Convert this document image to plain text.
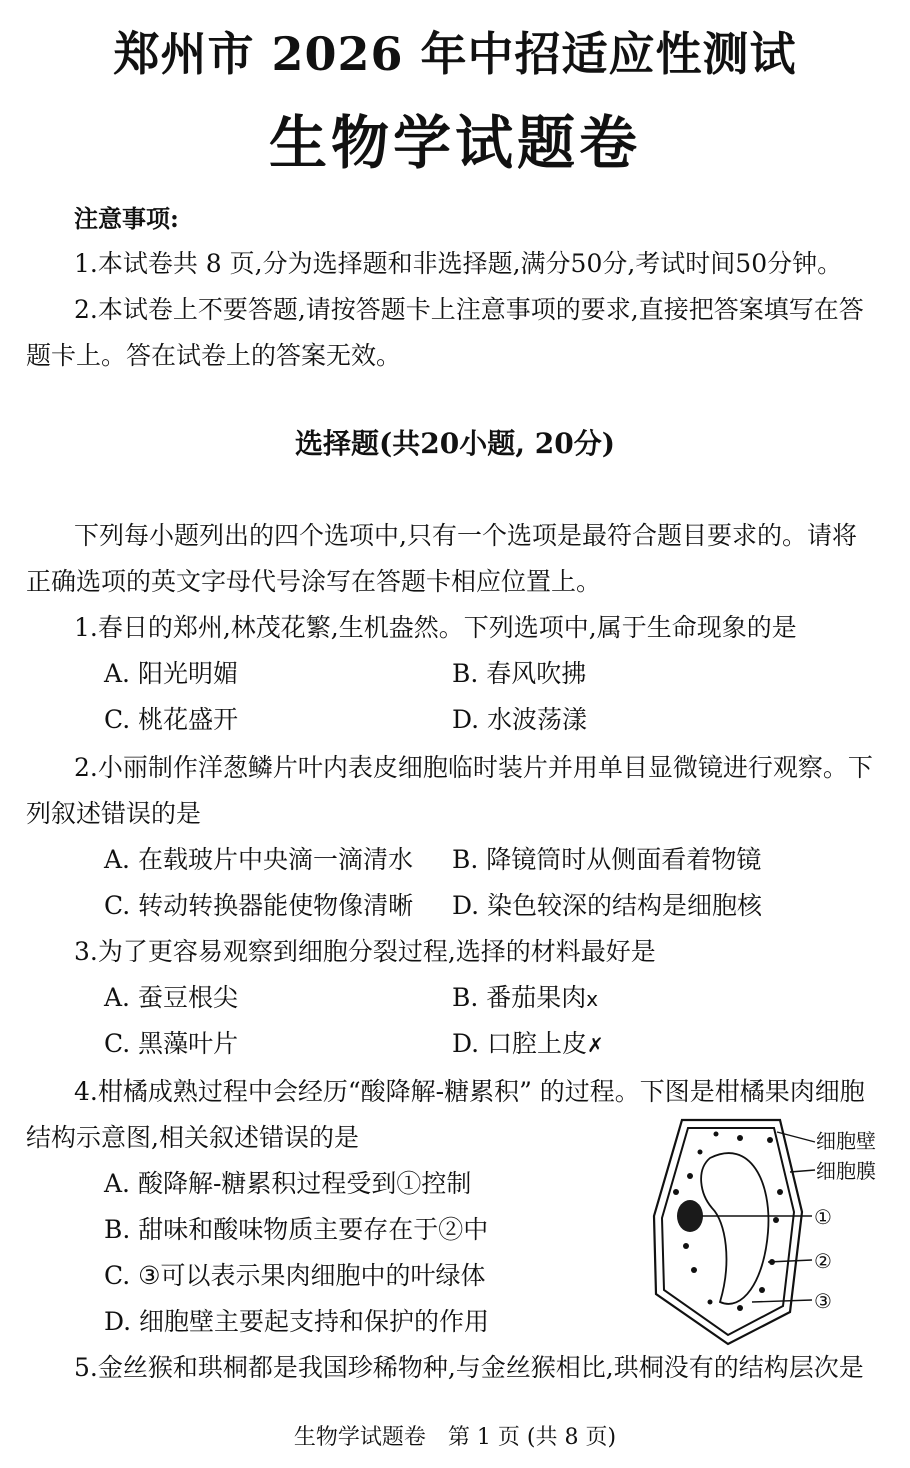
郑州市 2026 年中招适应性测试
生物学试题卷
注意事项:
1.本试卷共 8 页,分为选择题和非选择题,满分50分,考试时间50分钟。
2.本试卷上不要答题,请按答题卡上注意事项的要求,直接把答案填写在答
题卡上。答在试卷上的答案无效。
选择题(共20小题, 20分)
下列每小题列出的四个选项中,只有一个选项是最符合题目要求的。请将
正确选项的英文字母代号涂写在答题卡相应位置上。
1.春日的郑州,林茂花繁,生机盎然。下列选项中,属于生命现象的是
A. 阳光明媚	B. 春风吹拂
C. 桃花盛开	D. 水波荡漾
2.小丽制作洋葱鳞片叶内表皮细胞临时装片并用单目显微镜进行观察。下
列叙述错误的是
A. 在载玻片中央滴一滴清水 B. 降镜筒时从侧面看着物镜
C. 转动转换器能使物像清晰 D. 染色较深的结构是细胞核
3.为了更容易观察到细胞分裂过程,选择的材料最好是
A. 蚕豆根尖	B. 番茄果肉x
C. 黑藻叶片	D. 口腔上皮✗
4.柑橘成熟过程中会经历“酸降解-糖累积” 的过程。下图是柑橘果肉细胞
结构示意图,相关叙述错误的是
A. 酸降解-糖累积过程受到①控制
B. 甜味和酸味物质主要存在于②中
C. ③可以表示果肉细胞中的叶绿体
D. 细胞壁主要起支持和保护的作用
细胞壁
细胞膜
①
②
③
5.金丝猴和珙桐都是我国珍稀物种,与金丝猴相比,珙桐没有的结构层次是
生物学试题卷　第 1 页 (共 8 页)
